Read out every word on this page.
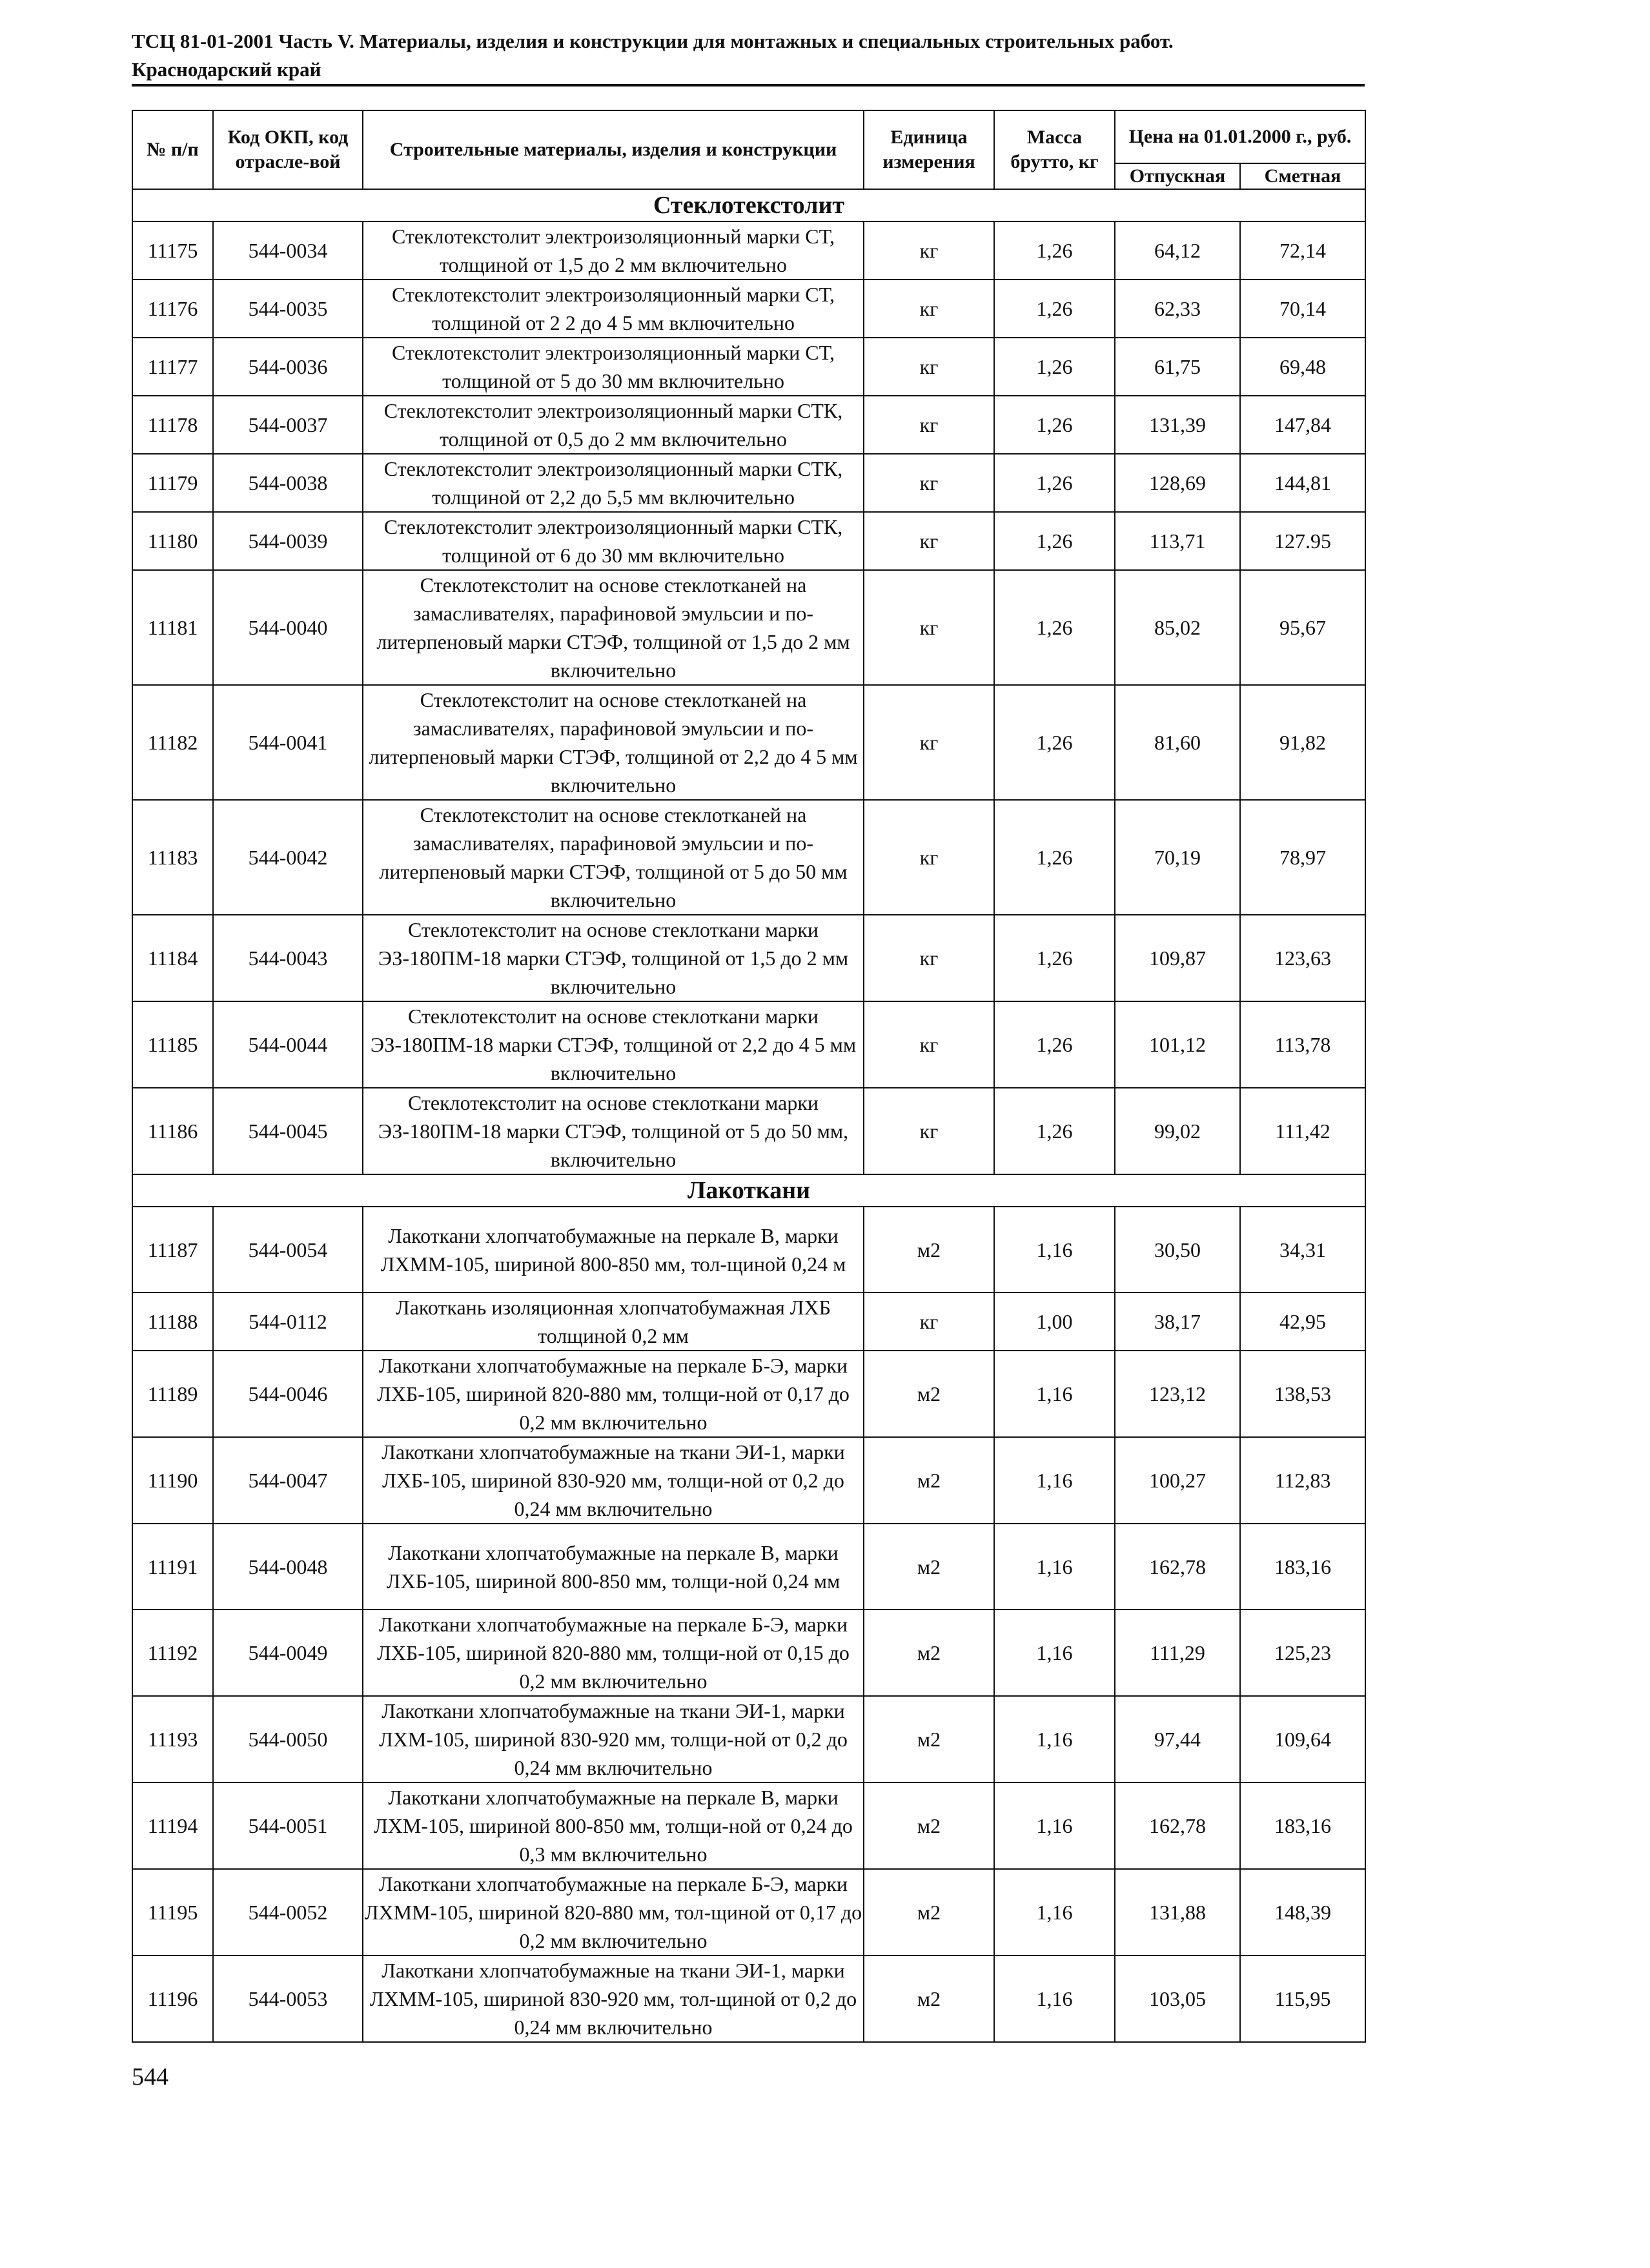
ТСЦ 81-01-2001 Часть V. Материалы, изделия и конструкции для монтажных и специальных строительных работ.
Краснодарский край
№ п/п	Код ОКП, код отрасле-вой	Строительные материалы, изделия и конструкции	Единица измерения	Масса брутто, кг	Цена на 01.01.2000 г., руб.	
					Отпускная	Сметная
Стеклотекстолит						
11175	544-0034	Стеклотекстолит электроизоляционный марки СТ, толщиной от 1,5 до 2 мм включительно	кг	1,26	64,12	72,14
11176	544-0035	Стеклотекстолит электроизоляционный марки СТ, толщиной от 2 2 до 4 5 мм включительно	кг	1,26	62,33	70,14
11177	544-0036	Стеклотекстолит электроизоляционный марки СТ, толщиной от 5 до 30 мм включительно	кг	1,26	61,75	69,48
11178	544-0037	Стеклотекстолит электроизоляционный марки СТК, толщиной от 0,5 до 2 мм включительно	кг	1,26	131,39	147,84
11179	544-0038	Стеклотекстолит электроизоляционный марки СТК, толщиной от 2,2 до 5,5 мм включительно	кг	1,26	128,69	144,81
11180	544-0039	Стеклотекстолит электроизоляционный марки СТК, толщиной от 6 до 30 мм включительно	кг	1,26	113,71	127.95
11181	544-0040	Стеклотекстолит на основе стеклотканей на замасливателях, парафиновой эмульсии и по-литерпеновый марки СТЭФ, толщиной от 1,5 до 2 мм включительно	кг	1,26	85,02	95,67
11182	544-0041	Стеклотекстолит на основе стеклотканей на замасливателях, парафиновой эмульсии и по-литерпеновый марки СТЭФ, толщиной от 2,2 до 4 5 мм включительно	кг	1,26	81,60	91,82
11183	544-0042	Стеклотекстолит на основе стеклотканей на замасливателях, парафиновой эмульсии и по-литерпеновый марки СТЭФ, толщиной от 5 до 50 мм включительно	кг	1,26	70,19	78,97
11184	544-0043	Стеклотекстолит на основе стеклоткани марки ЭЗ-180ПМ-18 марки СТЭФ, толщиной от 1,5 до 2 мм включительно	кг	1,26	109,87	123,63
11185	544-0044	Стеклотекстолит на основе стеклоткани марки ЭЗ-180ПМ-18 марки СТЭФ, толщиной от 2,2 до 4 5 мм включительно	кг	1,26	101,12	113,78
11186	544-0045	Стеклотекстолит на основе стеклоткани марки ЭЗ-180ПМ-18 марки СТЭФ, толщиной от 5 до 50 мм, включительно	кг	1,26	99,02	111,42
Лакоткани						
11187	544-0054	Лакоткани хлопчатобумажные на перкале В, марки ЛХММ-105, шириной 800-850 мм, тол-щиной 0,24 м	м2	1,16	30,50	34,31
11188	544-0112	Лакоткань изоляционная хлопчатобумажная ЛХБ толщиной 0,2 мм	кг	1,00	38,17	42,95
11189	544-0046	Лакоткани хлопчатобумажные на перкале Б-Э, марки ЛХБ-105, шириной 820-880 мм, толщи-ной от 0,17 до 0,2 мм включительно	м2	1,16	123,12	138,53
11190	544-0047	Лакоткани хлопчатобумажные на ткани ЭИ-1, марки ЛХБ-105, шириной 830-920 мм, толщи-ной от 0,2 до 0,24 мм включительно	м2	1,16	100,27	112,83
11191	544-0048	Лакоткани хлопчатобумажные на перкале В, марки ЛХБ-105, шириной 800-850 мм, толщи-ной 0,24 мм	м2	1,16	162,78	183,16
11192	544-0049	Лакоткани хлопчатобумажные на перкале Б-Э, марки ЛХБ-105, шириной 820-880 мм, толщи-ной от 0,15 до 0,2 мм включительно	м2	1,16	111,29	125,23
11193	544-0050	Лакоткани хлопчатобумажные на ткани ЭИ-1, марки ЛХМ-105, шириной 830-920 мм, толщи-ной от 0,2 до 0,24 мм включительно	м2	1,16	97,44	109,64
11194	544-0051	Лакоткани хлопчатобумажные на перкале В, марки ЛХМ-105, шириной 800-850 мм, толщи-ной от 0,24 до 0,3 мм включительно	м2	1,16	162,78	183,16
11195	544-0052	Лакоткани хлопчатобумажные на перкале Б-Э, марки ЛХММ-105, шириной 820-880 мм, тол-щиной от 0,17 до 0,2 мм включительно	м2	1,16	131,88	148,39
11196	544-0053	Лакоткани хлопчатобумажные на ткани ЭИ-1, марки ЛХММ-105, шириной 830-920 мм, тол-щиной от 0,2 до 0,24 мм включительно	м2	1,16	103,05	115,95
544
